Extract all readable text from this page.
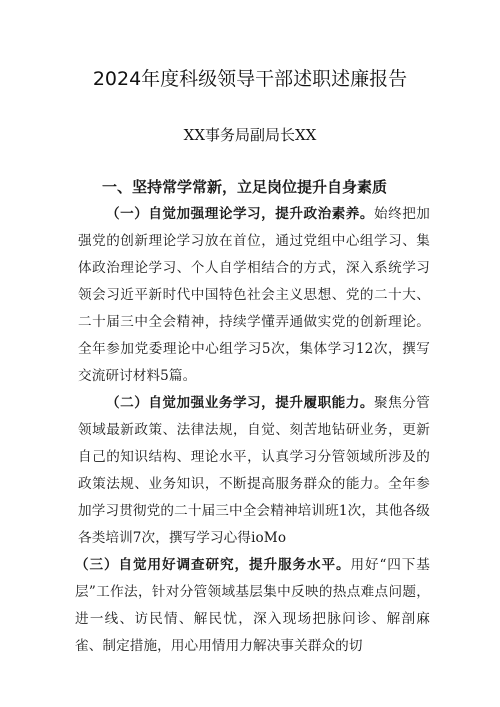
2024年度科级领导干部述职述廉报告
XX事务局副局长XX
一、坚持常学常新，立足岗位提升自身素质

（一）自觉加强理论学习，提升政治素养。始终把加强党的创新理论学习放在首位，通过党组中心组学习、集体政治理论学习、个人自学相结合的方式，深入系统学习领会习近平新时代中国特色社会主义思想、党的二十大、二十届三中全会精神，持续学懂弄通做实党的创新理论。全年参加党委理论中心组学习5次，集体学习12次，撰写交流研讨材料5篇。

（二）自觉加强业务学习，提升履职能力。聚焦分管领域最新政策、法律法规，自觉、刻苦地钻研业务，更新自己的知识结构、理论水平，认真学习分管领域所涉及的政策法规、业务知识，不断提高服务群众的能力。全年参加学习贯彻党的二十届三中全会精神培训班1次，其他各级各类培训7次，撰写学习心得ioMo

（三）自觉用好调查研究，提升服务水平。用好“四下基层”工作法，针对分管领域基层集中反映的热点难点问题，进一线、访民情、解民忧，深入现场把脉问诊、解剖麻雀、制定措施，用心用情用力解决事关群众的切
